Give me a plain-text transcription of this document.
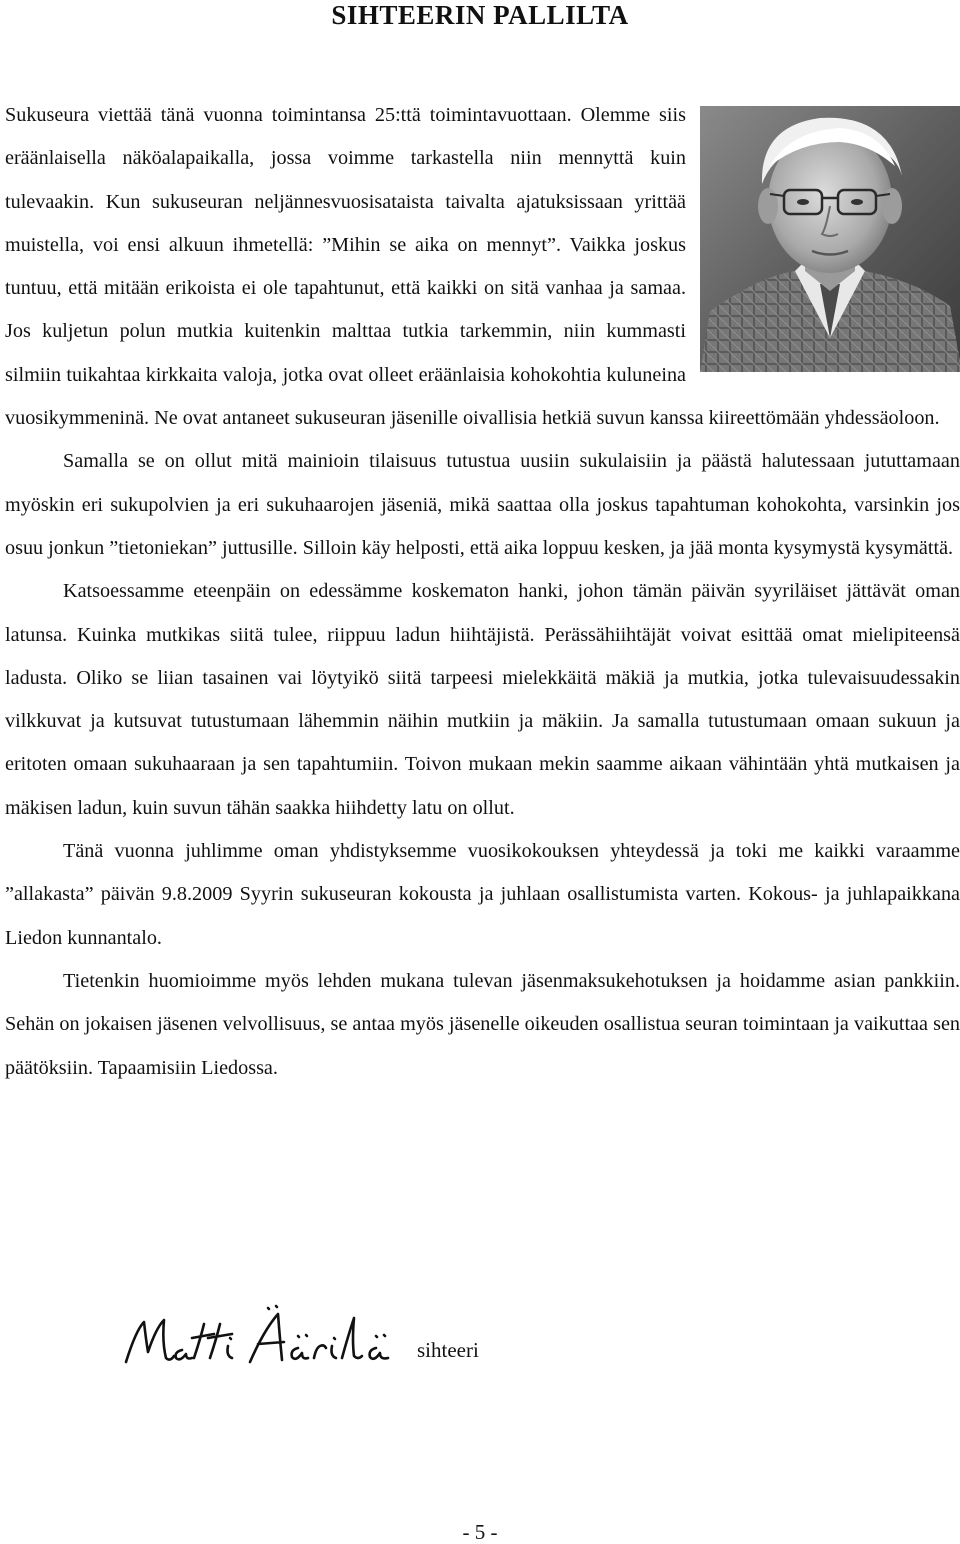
SIHTEERIN PALLILTA

Sukuseura viettää tänä vuonna toimintansa 25:ttä toimintavuottaan. Olemme siis eräänlaisella näköalapaikalla, jossa voimme tarkastella niin mennyttä kuin tulevaakin. Kun sukuseuran neljännesvuosisataista taivalta ajatuksissaan yrittää muistella, voi ensi alkuun ihmetellä: ”Mihin se aika on mennyt”. Vaikka joskus tuntuu, että mitään erikoista ei ole tapahtunut, että kaikki on sitä vanhaa ja samaa. Jos kuljetun polun mutkia kuitenkin malttaa tutkia tarkemmin, niin kummasti silmiin tuikahtaa kirkkaita valoja, jotka ovat olleet eräänlaisia kohokohtia kuluneina vuosikymmeninä. Ne ovat antaneet sukuseuran jäsenille oivallisia hetkiä suvun kanssa kiireettömään yhdessäoloon.

Samalla se on ollut mitä mainioin tilaisuus tutustua uusiin sukulaisiin ja päästä halutessaan jututtamaan myöskin eri sukupolvien ja eri sukuhaarojen jäseniä, mikä saattaa olla joskus tapahtuman kohokohta, varsinkin jos osuu jonkun ”tietoniekan” juttusille. Silloin käy helposti, että aika loppuu kesken, ja jää monta kysymystä kysymättä.

Katsoessamme eteenpäin on edessämme koskematon hanki, johon tämän päivän syyriläiset jättävät oman latunsa. Kuinka mutkikas siitä tulee, riippuu ladun hiihtäjistä. Perässähiihtäjät voivat esittää omat mielipiteensä ladusta. Oliko se liian tasainen vai löytyikö siitä tarpeesi mielekkäitä mäkiä ja mutkia, jotka tulevaisuudessakin vilkkuvat ja kutsuvat tutustumaan lähemmin näihin mutkiin ja mäkiin. Ja samalla tutustumaan omaan sukuun ja eritoten omaan sukuhaaraan ja sen tapahtumiin. Toivon mukaan mekin saamme aikaan vähintään yhtä mutkaisen ja mäkisen ladun, kuin suvun tähän saakka hiihdetty latu on ollut.

Tänä vuonna juhlimme oman yhdistyksemme vuosikokouksen yhteydessä ja toki me kaikki varaamme ”allakasta” päivän 9.8.2009 Syyrin sukuseuran kokousta ja juhlaan osallistumista varten. Kokous- ja juhlapaikkana Liedon kunnantalo.

Tietenkin huomioimme myös lehden mukana tulevan jäsenmaksukehotuksen ja hoidamme asian pankkiin. Sehän on jokaisen jäsenen velvollisuus, se antaa myös jäsenelle oikeuden osallistua seuran toimintaan ja vaikuttaa sen päätöksiin. Tapaamisiin Liedossa.

sihteeri
- 5 -
